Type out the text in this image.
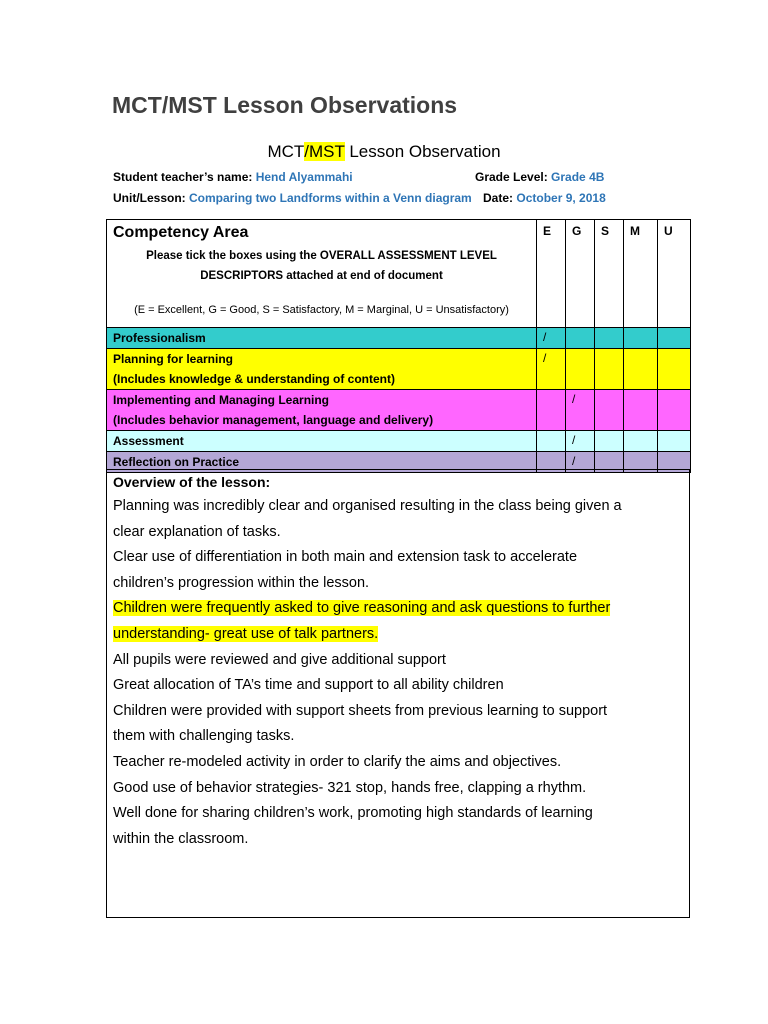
MCT/MST Lesson Observations
MCT/MST Lesson Observation
Student teacher’s name: Hend Alyammahi	Grade Level: Grade 4B
Unit/Lesson: Comparing two Landforms within a Venn diagram Date: October 9, 2018
Competency Area
Please tick the boxes using the OVERALL ASSESSMENT LEVEL DESCRIPTORS attached at end of document
(E = Excellent, G = Good, S = Satisfactory, M = Marginal, U = Unsatisfactory)	E	G	S	M	U
Professionalism	/				

Planning for learning
(Includes knowledge & understanding of content)	/				

Implementing and Managing Learning
(Includes behavior management, language and delivery)		/			
Assessment		/			
Reflection on Practice		/			
Overview of the lesson:

Planning was incredibly clear and organised resulting in the class being given a

clear explanation of tasks.

Clear use of differentiation in both main and extension task to accelerate

children’s progression within the lesson.

Children were frequently asked to give reasoning and ask questions to further

understanding- great use of talk partners.

All pupils were reviewed and give additional support

Great allocation of TA’s time and support to all ability children

Children were provided with support sheets from previous learning to support

them with challenging tasks.

Teacher re-modeled activity in order to clarify the aims and objectives.

Good use of behavior strategies- 321 stop, hands free, clapping a rhythm.

Well done for sharing children’s work, promoting high standards of learning

within the classroom.
